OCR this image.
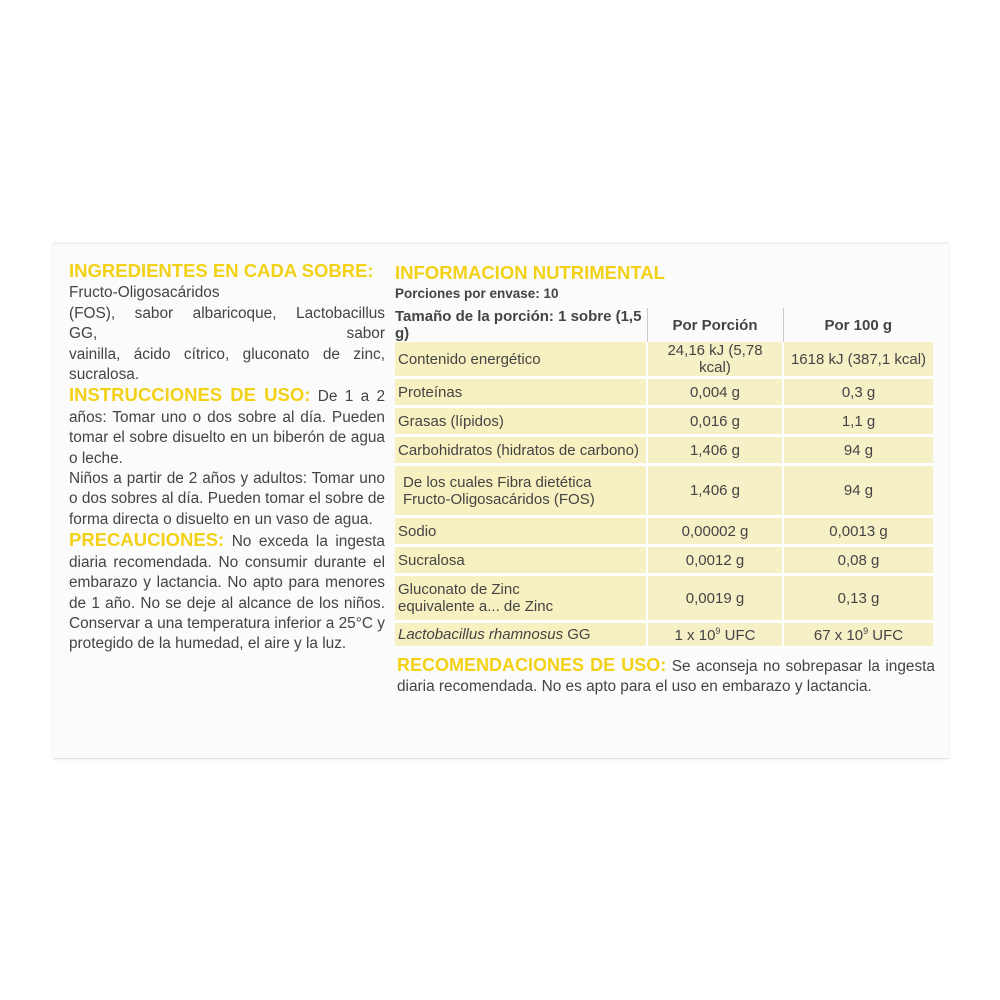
INGREDIENTES EN CADA SOBRE:

Fructo-Oligosacáridos
(FOS), sabor albaricoque, Lactobacillus
GG, sabor
vainilla, ácido cítrico, gluconato de zinc,
sucralosa.

INSTRUCCIONES DE USO: De 1 a 2 años: Tomar uno o dos sobre al día. Pueden tomar el sobre disuelto en un biberón de agua o leche.

Niños a partir de 2 años y adultos: Tomar uno o dos sobres al día. Pueden tomar el sobre de forma directa o disuelto en un vaso de agua.

PRECAUCIONES: No exceda la ingesta diaria recomendada. No consumir durante el embarazo y lactancia. No apto para menores de 1 año. No se deje al alcance de los niños. Conservar a una temperatura inferior a 25°C y protegido de la humedad, el aire y la luz.

INFORMACION NUTRIMENTAL
Porciones por envase: 10
Tamaño de la porción: 1 sobre (1,5 g)	Por Porción	Por 100 g
Contenido energético	24,16 kJ (5,78 kcal)	1618 kJ (387,1 kcal)
Proteínas	0,004 g	0,3 g
Grasas (lípidos)	0,016 g	1,1 g
Carbohidratos (hidratos de carbono)	1,406 g	94 g

De los cuales Fibra dietética
Fructo-Oligosacáridos (FOS)	1,406 g	94 g
Sodio	0,00002 g	0,0013 g
Sucralosa	0,0012 g	0,08 g

Gluconato de Zinc
equivalente a... de Zinc	0,0019 g	0,13 g
Lactobacillus rhamnosus GG	1 x $10^9$ UFC	67 x $10^9$ UFC
RECOMENDACIONES DE USO: Se aconseja no sobrepasar la ingesta diaria recomendada. No es apto para el uso en embarazo y lactancia.
